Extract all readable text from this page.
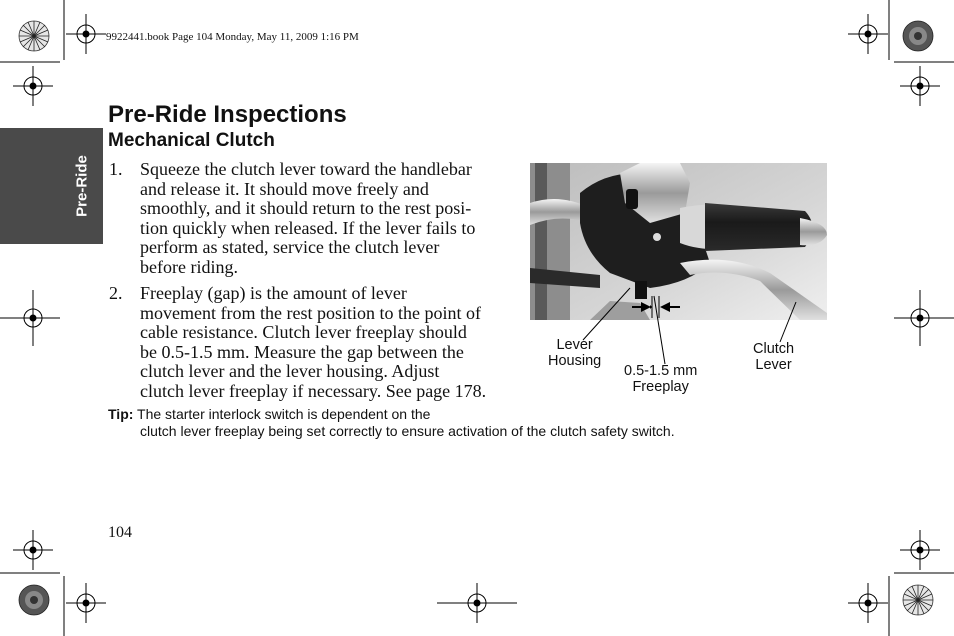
9922441.book Page 104 Monday, May 11, 2009 1:16 PM
Pre-Ride
Pre-Ride Inspections
Mechanical Clutch
1. Squeeze the clutch lever toward the handlebar
and release it. It should move freely and
smoothly, and it should return to the rest posi-
tion quickly when released. If the lever fails to
perform as stated, service the clutch lever
before riding.
2. Freeplay (gap) is the amount of lever
movement from the rest position to the point of
cable resistance. Clutch lever freeplay should
be 0.5-1.5 mm. Measure the gap between the
clutch lever and the lever housing. Adjust
clutch lever freeplay if necessary. See page 178.
Lever
Housing
0.5-1.5 mm
Freeplay
Clutch
Lever
Tip: The starter interlock switch is dependent on the
clutch lever freeplay being set correctly to ensure activation of the clutch safety switch.
104
